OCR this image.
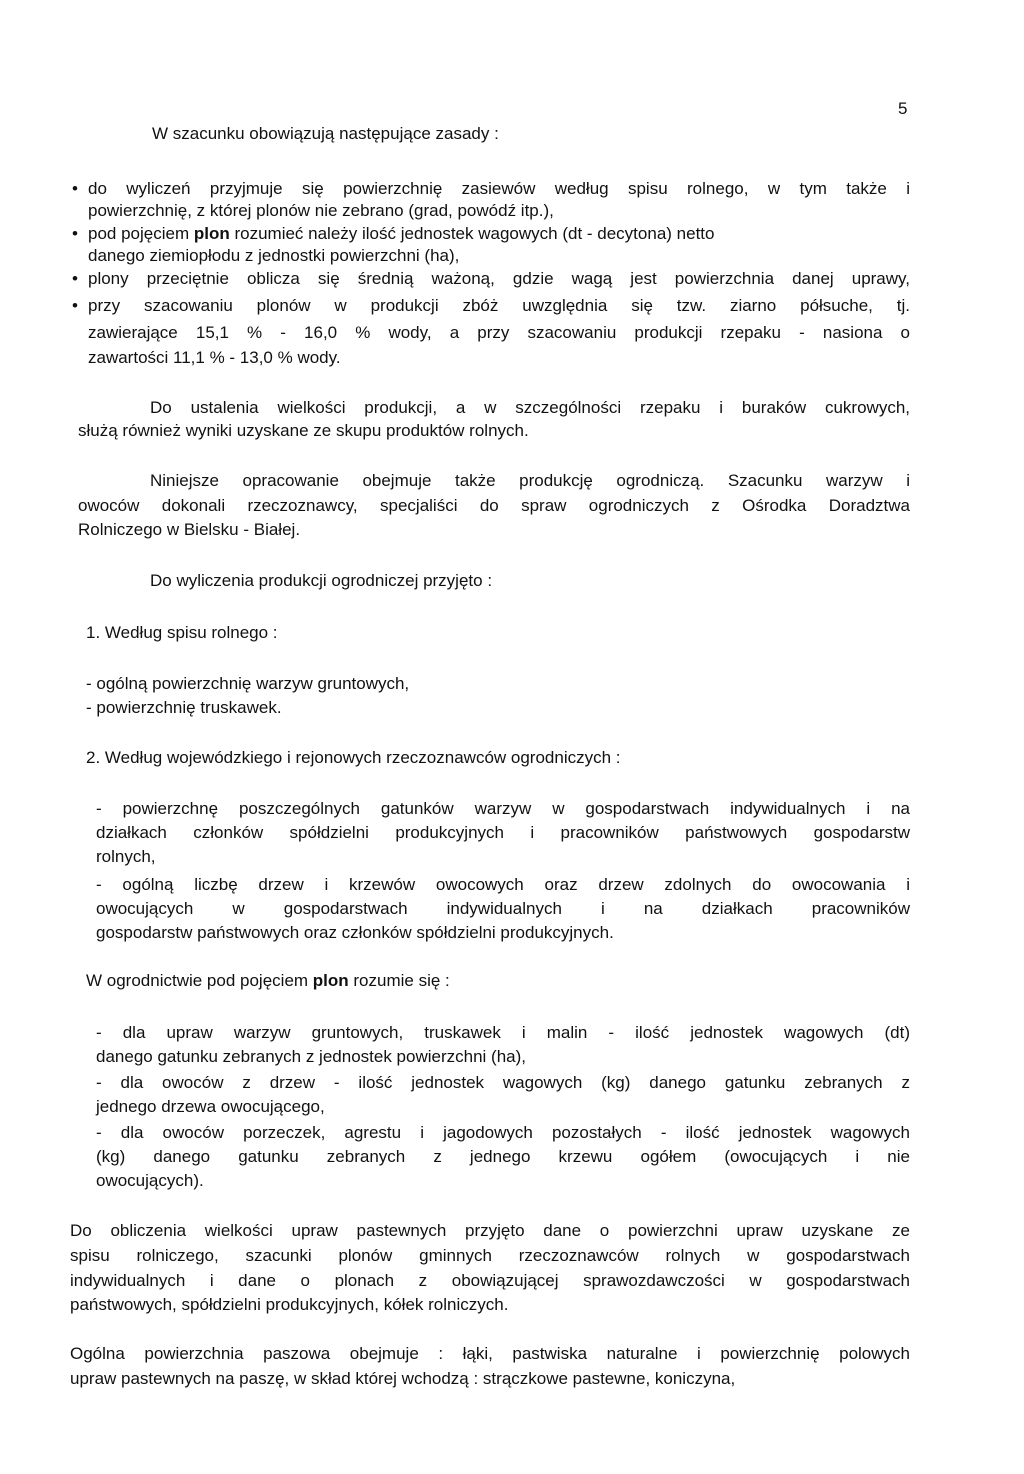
5
W szacunku obowiązują następujące zasady :
• do wyliczeń przyjmuje się powierzchnię zasiewów według spisu rolnego, w tym także i
powierzchnię, z której plonów nie zebrano (grad, powódź itp.),
• pod pojęciem plon rozumieć należy ilość jednostek wagowych (dt - decytona) netto
danego ziemiopłodu z jednostki powierzchni (ha),
• plony przeciętnie oblicza się średnią ważoną, gdzie wagą jest powierzchnia danej uprawy,
• przy szacowaniu plonów w produkcji zbóż uwzględnia się tzw. ziarno półsuche, tj.
zawierające 15,1 % - 16,0 % wody, a przy szacowaniu produkcji rzepaku - nasiona o
zawartości 11,1 % - 13,0 % wody.
Do ustalenia wielkości produkcji, a w szczególności rzepaku i buraków cukrowych,
służą również wyniki uzyskane ze skupu produktów rolnych.
Niniejsze opracowanie obejmuje także produkcję ogrodniczą. Szacunku warzyw i
owoców dokonali rzeczoznawcy, specjaliści do spraw ogrodniczych z Ośrodka Doradztwa
Rolniczego w Bielsku - Białej.
Do wyliczenia produkcji ogrodniczej przyjęto :
1. Według spisu rolnego :
- ogólną powierzchnię warzyw gruntowych,
- powierzchnię truskawek.
2. Według wojewódzkiego i rejonowych rzeczoznawców ogrodniczych :
- powierzchnę poszczególnych gatunków warzyw w gospodarstwach indywidualnych i na
działkach członków spółdzielni produkcyjnych i pracowników państwowych gospodarstw
rolnych,
- ogólną liczbę drzew i krzewów owocowych oraz drzew zdolnych do owocowania i
owocujących w gospodarstwach indywidualnych i na działkach pracowników
gospodarstw państwowych oraz członków spółdzielni produkcyjnych.
W ogrodnictwie pod pojęciem plon rozumie się :
- dla upraw warzyw gruntowych, truskawek i malin - ilość jednostek wagowych (dt)
danego gatunku zebranych z jednostek powierzchni (ha),
- dla owoców z drzew - ilość jednostek wagowych (kg) danego gatunku zebranych z
jednego drzewa owocującego,
- dla owoców porzeczek, agrestu i jagodowych pozostałych - ilość jednostek wagowych
(kg) danego gatunku zebranych z jednego krzewu ogółem (owocujących i nie
owocujących).
Do obliczenia wielkości upraw pastewnych przyjęto dane o powierzchni upraw uzyskane ze
spisu rolniczego, szacunki plonów gminnych rzeczoznawców rolnych w gospodarstwach
indywidualnych i dane o plonach z obowiązującej sprawozdawczości w gospodarstwach
państwowych, spółdzielni produkcyjnych, kółek rolniczych.
Ogólna powierzchnia paszowa obejmuje : łąki, pastwiska naturalne i powierzchnię polowych
upraw pastewnych na paszę, w skład której wchodzą : strączkowe pastewne, koniczyna,
